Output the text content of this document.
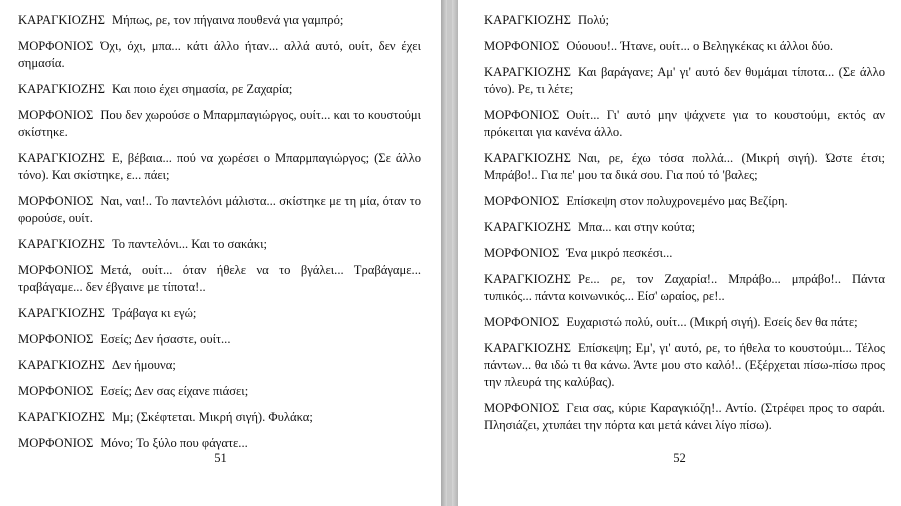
ΚΑΡΑΓΚΙΟΖΗΣ Μήπως, ρε, τον πήγαινα πουθενά για γαμπρό;

ΜΟΡΦΟΝΙΟΣ Όχι, όχι, μπα... κάτι άλλο ήταν... αλλά αυτό, ουίτ, δεν έχει σημασία.

ΚΑΡΑΓΚΙΟΖΗΣ Και ποιο έχει σημασία, ρε Ζαχαρία;

ΜΟΡΦΟΝΙΟΣ Που δεν χωρούσε ο Μπαρμπαγιώργος, ουίτ... και το κουστούμι σκίστηκε.

ΚΑΡΑΓΚΙΟΖΗΣ Ε, βέβαια... πού να χωρέσει ο Μπαρμπαγιώργος; (Σε άλλο τόνο). Και σκίστηκε, ε... πάει;

ΜΟΡΦΟΝΙΟΣ Ναι, ναι!.. Το παντελόνι μάλιστα... σκίστηκε με τη μία, όταν το φορούσε, ουίτ.

ΚΑΡΑΓΚΙΟΖΗΣ Το παντελόνι... Και το σακάκι;

ΜΟΡΦΟΝΙΟΣ Μετά, ουίτ... όταν ήθελε να το βγάλει... Τραβάγαμε... τραβάγαμε... δεν έβγαινε με τίποτα!..

ΚΑΡΑΓΚΙΟΖΗΣ Τράβαγα κι εγώ;

ΜΟΡΦΟΝΙΟΣ Εσείς; Δεν ήσαστε, ουίτ...

ΚΑΡΑΓΚΙΟΖΗΣ Δεν ήμουνα;

ΜΟΡΦΟΝΙΟΣ Εσείς; Δεν σας είχανε πιάσει;

ΚΑΡΑΓΚΙΟΖΗΣ Μμ; (Σκέφτεται. Μικρή σιγή). Φυλάκα;

ΜΟΡΦΟΝΙΟΣ Μόνο; Το ξύλο που φάγατε...

51

ΚΑΡΑΓΚΙΟΖΗΣ Πολύ;

ΜΟΡΦΟΝΙΟΣ Ούουου!.. Ήτανε, ουίτ... ο Βεληγκέκας κι άλλοι δύο.

ΚΑΡΑΓΚΙΟΖΗΣ Και βαράγανε; Αμ' γι' αυτό δεν θυμάμαι τίποτα... (Σε άλλο τόνο). Ρε, τι λέτε;

ΜΟΡΦΟΝΙΟΣ Ουίτ... Γι' αυτό μην ψάχνετε για το κουστούμι, εκτός αν πρόκειται για κανένα άλλο.

ΚΑΡΑΓΚΙΟΖΗΣ Ναι, ρε, έχω τόσα πολλά... (Μικρή σιγή). Ώστε έτσι; Μπράβο!.. Για πε' μου τα δικά σου. Για πού τό 'βαλες;

ΜΟΡΦΟΝΙΟΣ Επίσκεψη στον πολυχρονεμένο μας Βεζίρη.

ΚΑΡΑΓΚΙΟΖΗΣ Μπα... και στην κούτα;

ΜΟΡΦΟΝΙΟΣ Ένα μικρό πεσκέσι...

ΚΑΡΑΓΚΙΟΖΗΣ Ρε... ρε, τον Ζαχαρία!.. Μπράβο... μπράβο!.. Πάντα τυπικός... πάντα κοινωνικός... Είσ' ωραίος, ρε!..

ΜΟΡΦΟΝΙΟΣ Ευχαριστώ πολύ, ουίτ... (Μικρή σιγή). Εσείς δεν θα πάτε;

ΚΑΡΑΓΚΙΟΖΗΣ Επίσκεψη; Εμ', γι' αυτό, ρε, το ήθελα το κουστούμι... Τέλος πάντων... θα ιδώ τι θα κάνω. Άντε μου στο καλό!.. (Εξέρχεται πίσω-πίσω προς την πλευρά της καλύβας).

ΜΟΡΦΟΝΙΟΣ Γεια σας, κύριε Καραγκιόζη!.. Αντίο. (Στρέφει προς το σαράι. Πλησιάζει, χτυπάει την πόρτα και μετά κάνει λίγο πίσω).

52
